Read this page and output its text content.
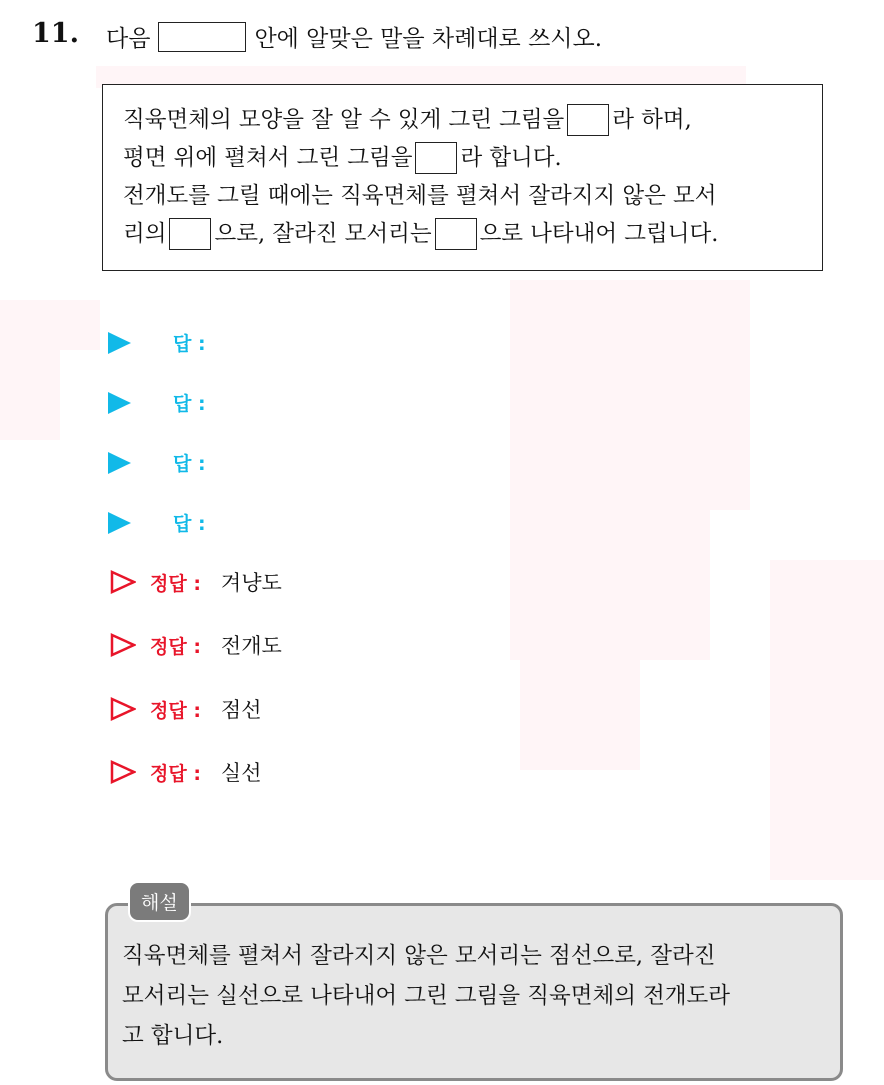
11. 다음	안에 알맞은 말을 차례대로 쓰시오.
직육면체의 모양을 잘 알 수 있게 그린 그림을 라 하며,
평면 위에 펼쳐서 그린 그림을 라 합니다.
전개도를 그릴 때에는 직육면체를 펼쳐서 잘라지지 않은 모서
리의 으로, 잘라진 모서리는 으로 나타내어 그립니다.
답 :
답 :
답 :
답 :
정답 : 겨냥도
정답 : 전개도
정답 : 점선
정답 : 실선
직육면체를 펼쳐서 잘라지지 않은 모서리는 점선으로, 잘라진
모서리는 실선으로 나타내어 그린 그림을 직육면체의 전개도라
고 합니다.
해설
